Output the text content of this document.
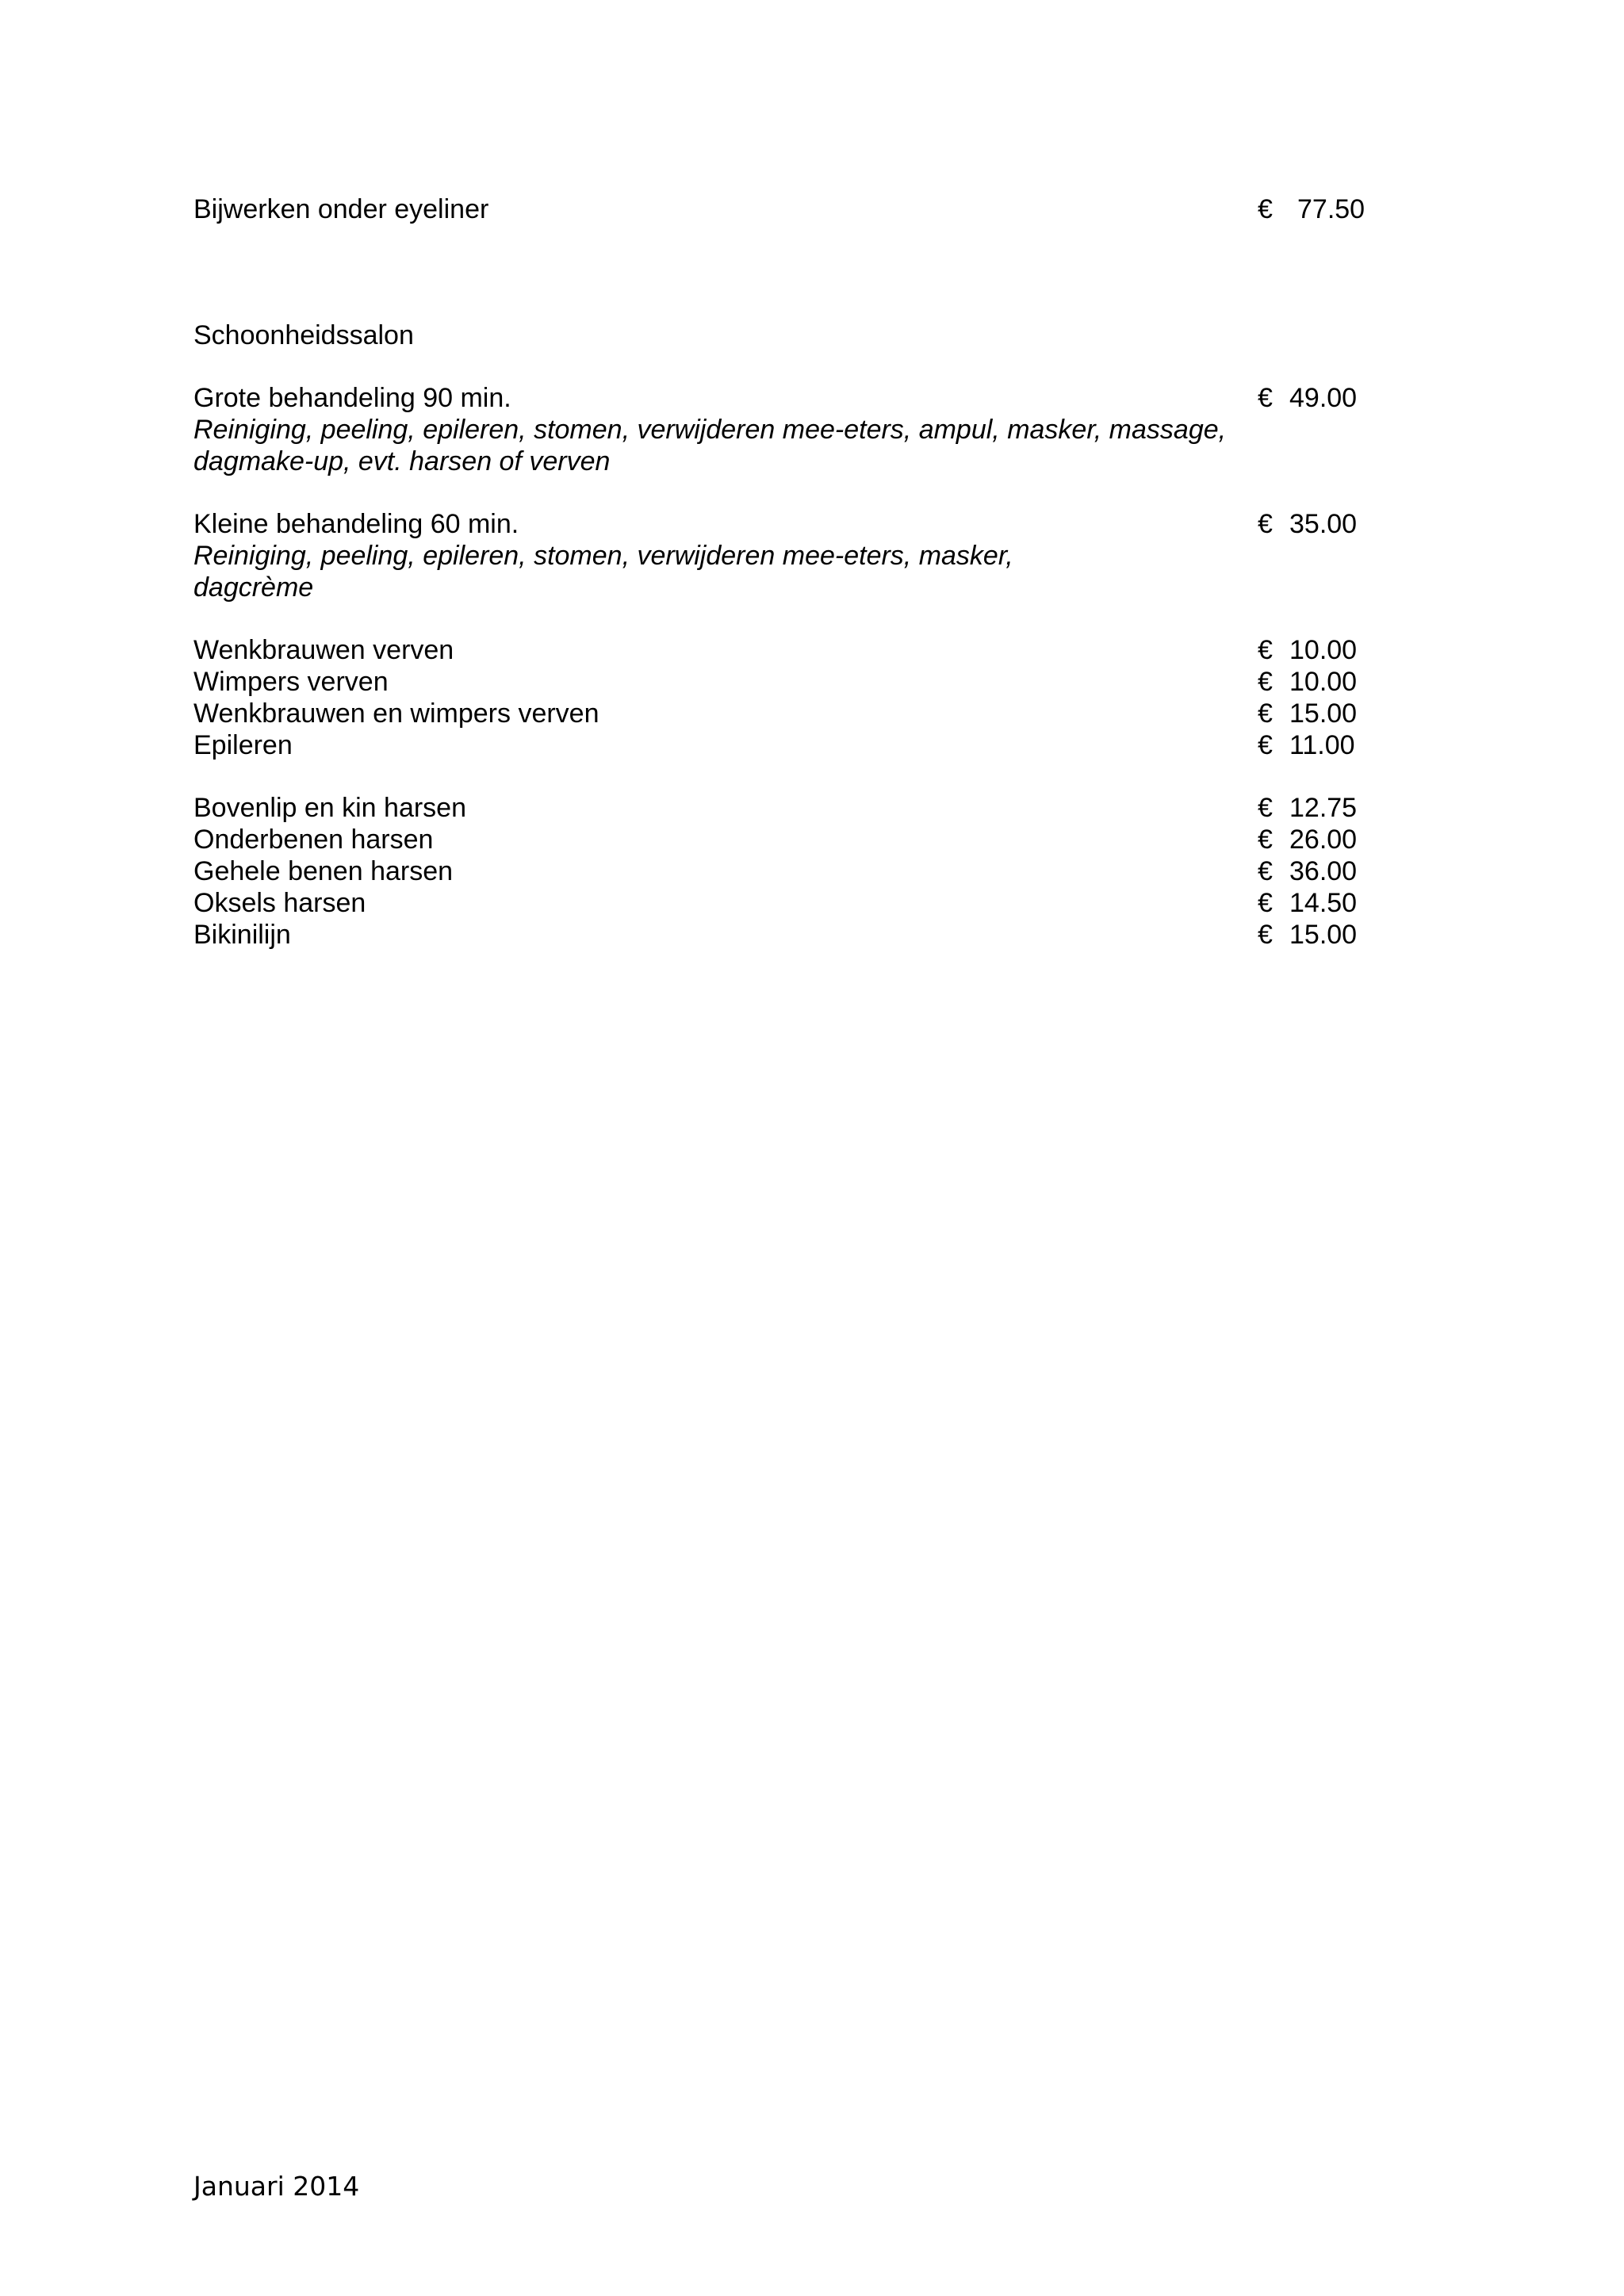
Bijwerken onder eyeliner	€ 77.50
Schoonheidssalon
Grote behandeling 90 min.	€ 49.00
Reiniging, peeling, epileren, stomen, verwijderen mee-eters, ampul, masker, massage,
dagmake-up, evt. harsen of verven
Kleine behandeling 60 min.	€ 35.00
Reiniging, peeling, epileren, stomen, verwijderen mee-eters, masker,
dagcrème
Wenkbrauwen verven	€ 10.00
Wimpers verven	€ 10.00
Wenkbrauwen en wimpers verven	€ 15.00
Epileren	€ 11.00
Bovenlip en kin harsen	€ 12.75
Onderbenen harsen	€ 26.00
Gehele benen harsen	€ 36.00
Oksels harsen	€ 14.50
Bikinilijn	€ 15.00
Januari 2014
